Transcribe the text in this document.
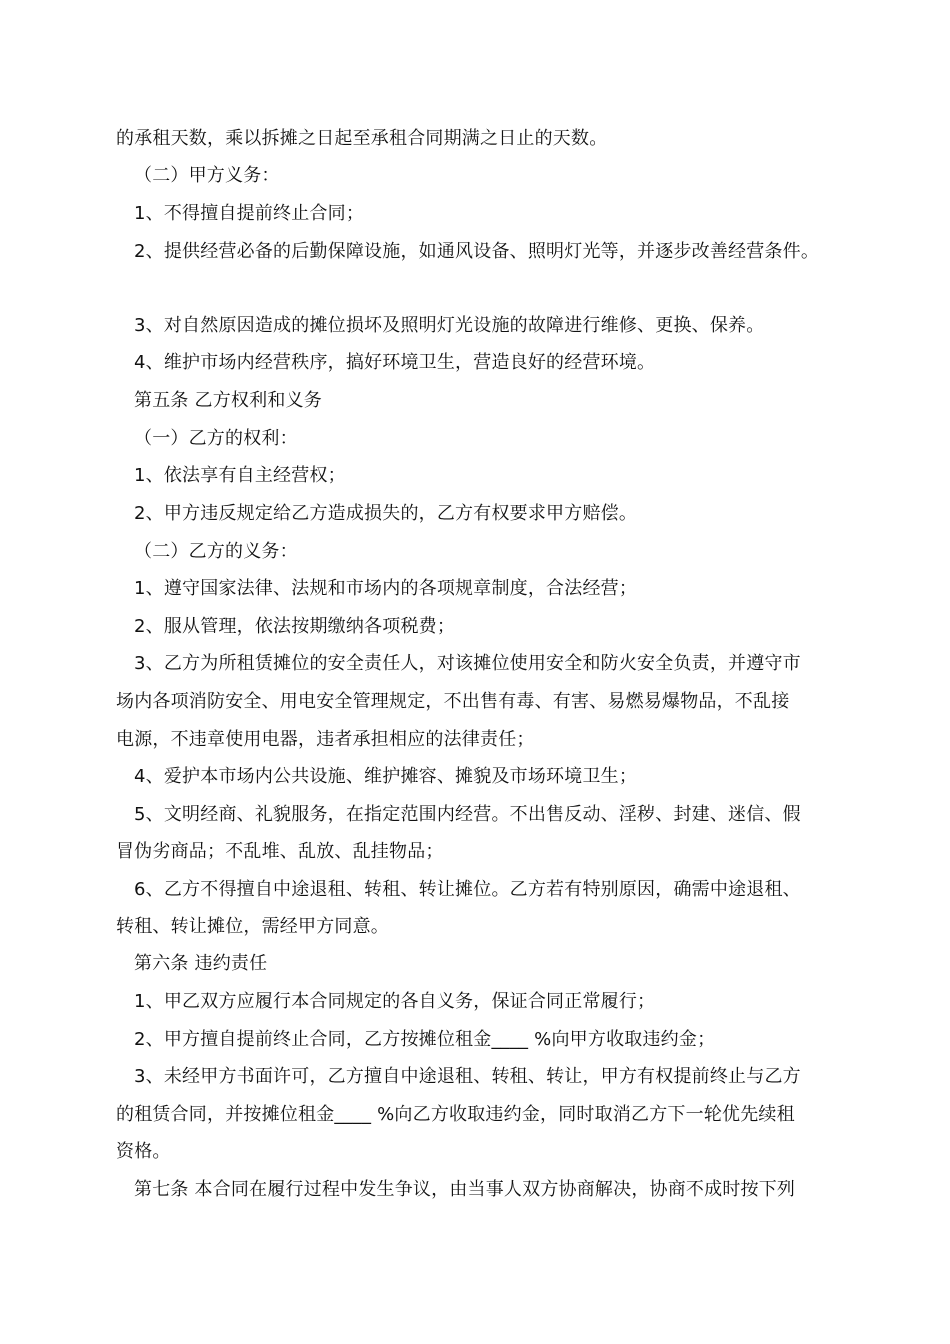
的承租天数，乘以拆摊之日起至承租合同期满之日止的天数。
（二）甲方义务：
1、不得擅自提前终止合同；
2、提供经营必备的后勤保障设施，如通风设备、照明灯光等，并逐步改善经营条件。
3、对自然原因造成的摊位损坏及照明灯光设施的故障进行维修、更换、保养。
4、维护市场内经营秩序，搞好环境卫生，营造良好的经营环境。
第五条 乙方权利和义务
（一）乙方的权利：
1、依法享有自主经营权；
2、甲方违反规定给乙方造成损失的，乙方有权要求甲方赔偿。
（二）乙方的义务：
1、遵守国家法律、法规和市场内的各项规章制度，合法经营；
2、服从管理，依法按期缴纳各项税费；
3、乙方为所租赁摊位的安全责任人，对该摊位使用安全和防火安全负责，并遵守市
场内各项消防安全、用电安全管理规定，不出售有毒、有害、易燃易爆物品，不乱接
电源，不违章使用电器，违者承担相应的法律责任；
4、爱护本市场内公共设施、维护摊容、摊貌及市场环境卫生；
5、文明经商、礼貌服务，在指定范围内经营。不出售反动、淫秽、封建、迷信、假
冒伪劣商品；不乱堆、乱放、乱挂物品；
6、乙方不得擅自中途退租、转租、转让摊位。乙方若有特别原因，确需中途退租、
转租、转让摊位，需经甲方同意。
第六条 违约责任
1、甲乙双方应履行本合同规定的各自义务，保证合同正常履行；
2、甲方擅自提前终止合同，乙方按摊位租金____ %向甲方收取违约金；
3、未经甲方书面许可，乙方擅自中途退租、转租、转让，甲方有权提前终止与乙方
的租赁合同，并按摊位租金____ %向乙方收取违约金，同时取消乙方下一轮优先续租
资格。
第七条 本合同在履行过程中发生争议，由当事人双方协商解决，协商不成时按下列
